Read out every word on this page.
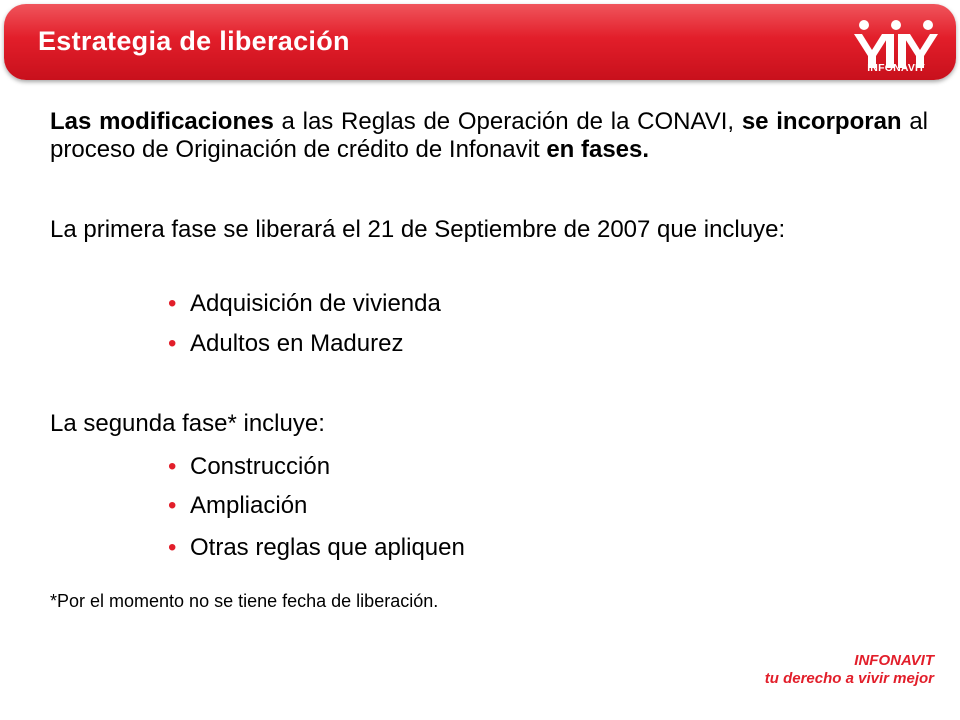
Estrategia de liberación
INFONAVIT

Las modificaciones a las Reglas de Operación de la CONAVI, se incorporan al proceso de Originación de crédito de Infonavit en fases.

La primera fase se liberará el 21 de Septiembre de 2007 que incluye:

• Adquisición de vivienda
• Adultos en Madurez

La segunda fase* incluye:

• Construcción
• Ampliación
• Otras reglas que apliquen
*Por el momento no se tiene fecha de liberación.
INFONAVIT
tu derecho a vivir mejor
